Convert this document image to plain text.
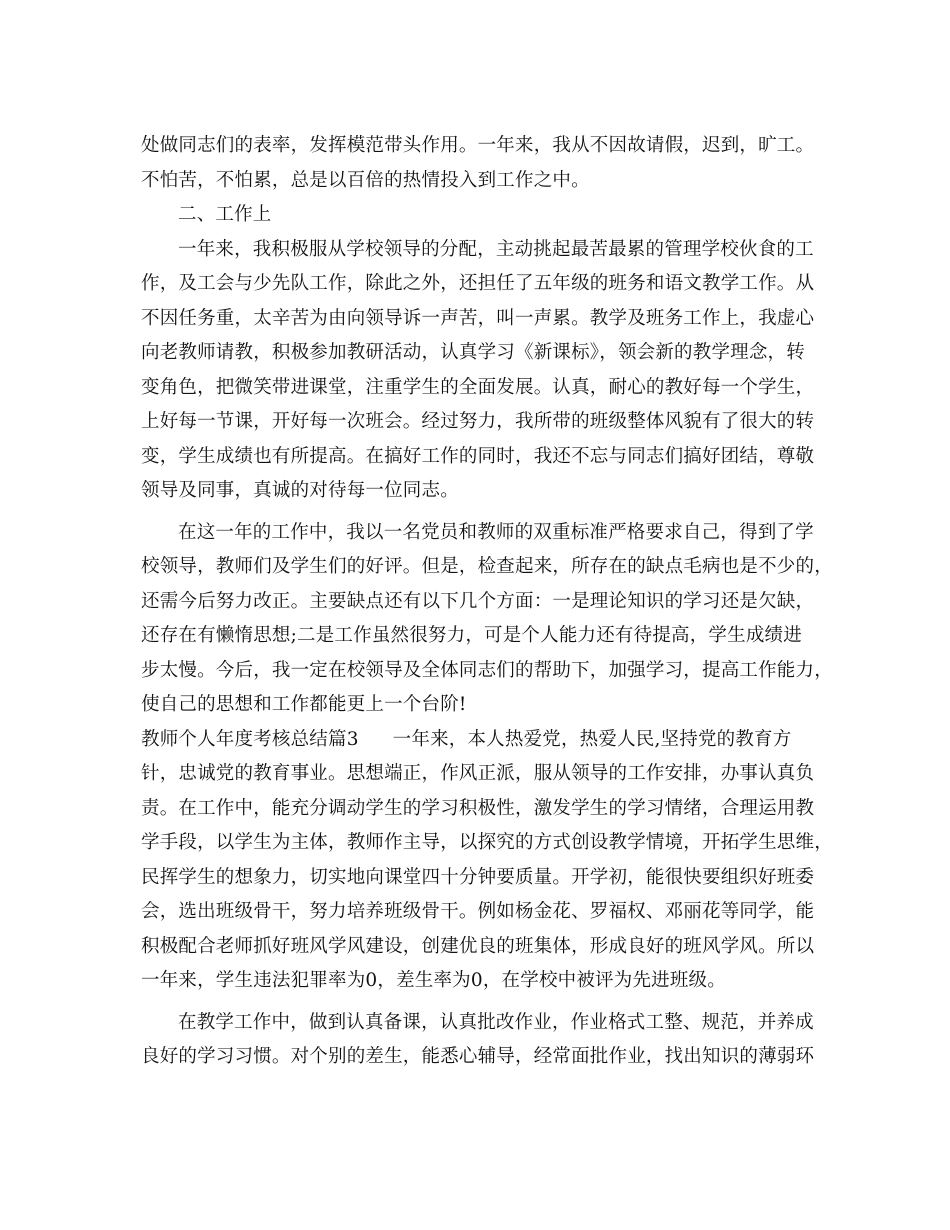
处做同志们的表率，发挥模范带头作用。一年来，我从不因故请假，迟到，旷工。
不怕苦，不怕累，总是以百倍的热情投入到工作之中。
二、工作上
一年来，我积极服从学校领导的分配，主动挑起最苦最累的管理学校伙食的工
作，及工会与少先队工作，除此之外，还担任了五年级的班务和语文教学工作。从
不因任务重，太辛苦为由向领导诉一声苦，叫一声累。教学及班务工作上，我虚心
向老教师请教，积极参加教研活动，认真学习《新课标》，领会新的教学理念，转
变角色，把微笑带进课堂，注重学生的全面发展。认真，耐心的教好每一个学生，
上好每一节课，开好每一次班会。经过努力，我所带的班级整体风貌有了很大的转
变，学生成绩也有所提高。在搞好工作的同时，我还不忘与同志们搞好团结，尊敬
领导及同事，真诚的对待每一位同志。
在这一年的工作中，我以一名党员和教师的双重标准严格要求自己，得到了学
校领导，教师们及学生们的好评。但是，检查起来，所存在的缺点毛病也是不少的，
还需今后努力改正。主要缺点还有以下几个方面：一是理论知识的学习还是欠缺，
还存在有懒惰思想;二是工作虽然很努力，可是个人能力还有待提高，学生成绩进
步太慢。今后，我一定在校领导及全体同志们的帮助下，加强学习，提高工作能力，
使自己的思想和工作都能更上一个台阶!
教师个人年度考核总结篇3 一年来，本人热爱党，热爱人民,坚持党的教育方
针，忠诚党的教育事业。思想端正，作风正派，服从领导的工作安排，办事认真负
责。在工作中，能充分调动学生的学习积极性，激发学生的学习情绪，合理运用教
学手段，以学生为主体，教师作主导，以探究的方式创设教学情境，开拓学生思维，
民挥学生的想象力，切实地向课堂四十分钟要质量。开学初，能很快要组织好班委
会，选出班级骨干，努力培养班级骨干。例如杨金花、罗福权、邓丽花等同学，能
积极配合老师抓好班风学风建设，创建优良的班集体，形成良好的班风学风。所以
一年来，学生违法犯罪率为0，差生率为0，在学校中被评为先进班级。
在教学工作中，做到认真备课，认真批改作业，作业格式工整、规范，并养成
良好的学习习惯。对个别的差生，能悉心辅导，经常面批作业，找出知识的薄弱环
